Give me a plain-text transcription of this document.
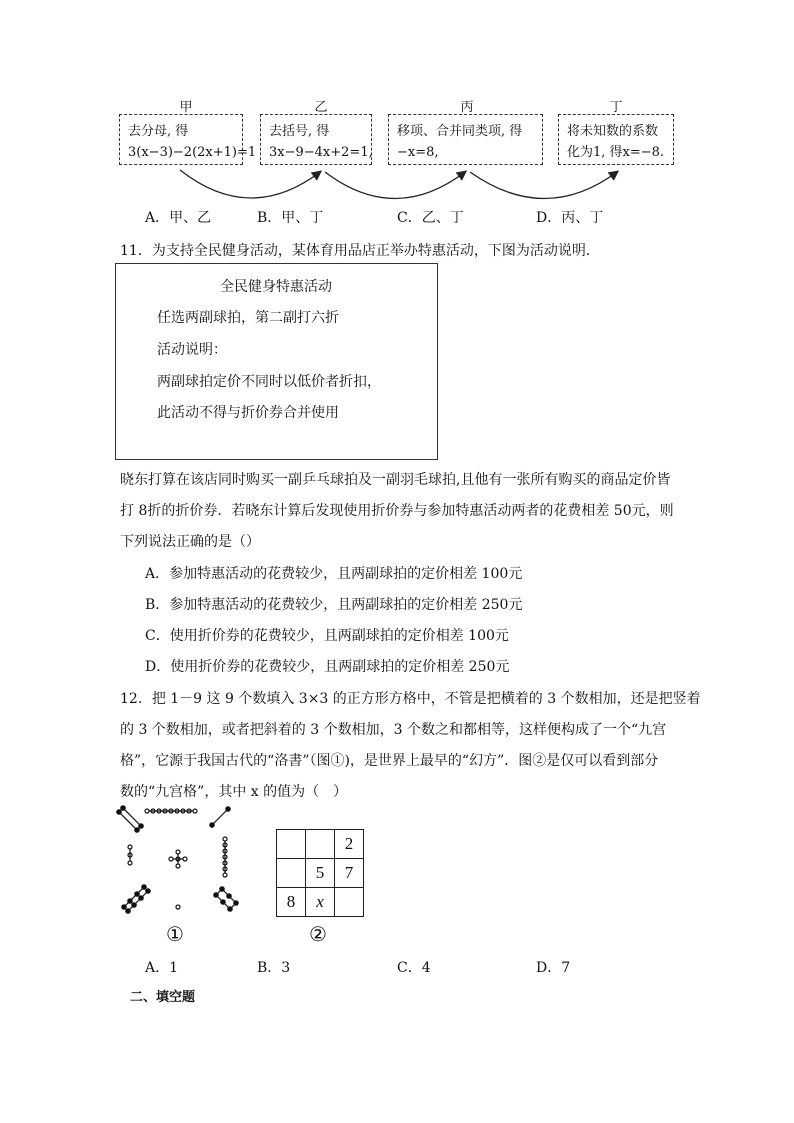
甲	乙	丙	丁
去分母, 得
3(x−3)−2(2x+1)=1
去括号, 得
3x−9−4x+2=1,
移项、合并同类项, 得
−x=8,
将未知数的系数
化为1, 得x=−8.
A．甲、乙	B．甲、丁	C．乙、丁	D．丙、丁
11．为支持全民健身活动，某体育用品店正举办特惠活动，下图为活动说明．
全民健身特惠活动
任选两副球拍，第二副打六折
活动说明：
两副球拍定价不同时以低价者折扣，
此活动不得与折价券合并使用
晓东打算在该店同时购买一副乒乓球拍及一副羽毛球拍,且他有一张所有购买的商品定价皆
打 8折的折价券．若晓东计算后发现使用折价券与参加特惠活动两者的花费相差 50元，则
下列说法正确的是（）
A．参加特惠活动的花费较少，且两副球拍的定价相差 100元
B．参加特惠活动的花费较少，且两副球拍的定价相差 250元
C．使用折价券的花费较少，且两副球拍的定价相差 100元
D．使用折价券的花费较少，且两副球拍的定价相差 250元
12．把 1－9 这 9 个数填入 3×3 的正方形方格中，不管是把横着的 3 个数相加，还是把竖着
的 3 个数相加，或者把斜着的 3 个数相加，3 个数之和都相等，这样便构成了一个“九宫
格”，它源于我国古代的“洛書”（图①)，是世界上最早的“幻方”．图②是仅可以看到部分
数的“九宫格”，其中 x 的值为（　）
①
		2
	5	7
8	x	
②
A．1	B．3	C．4	D．7
二、填空题
